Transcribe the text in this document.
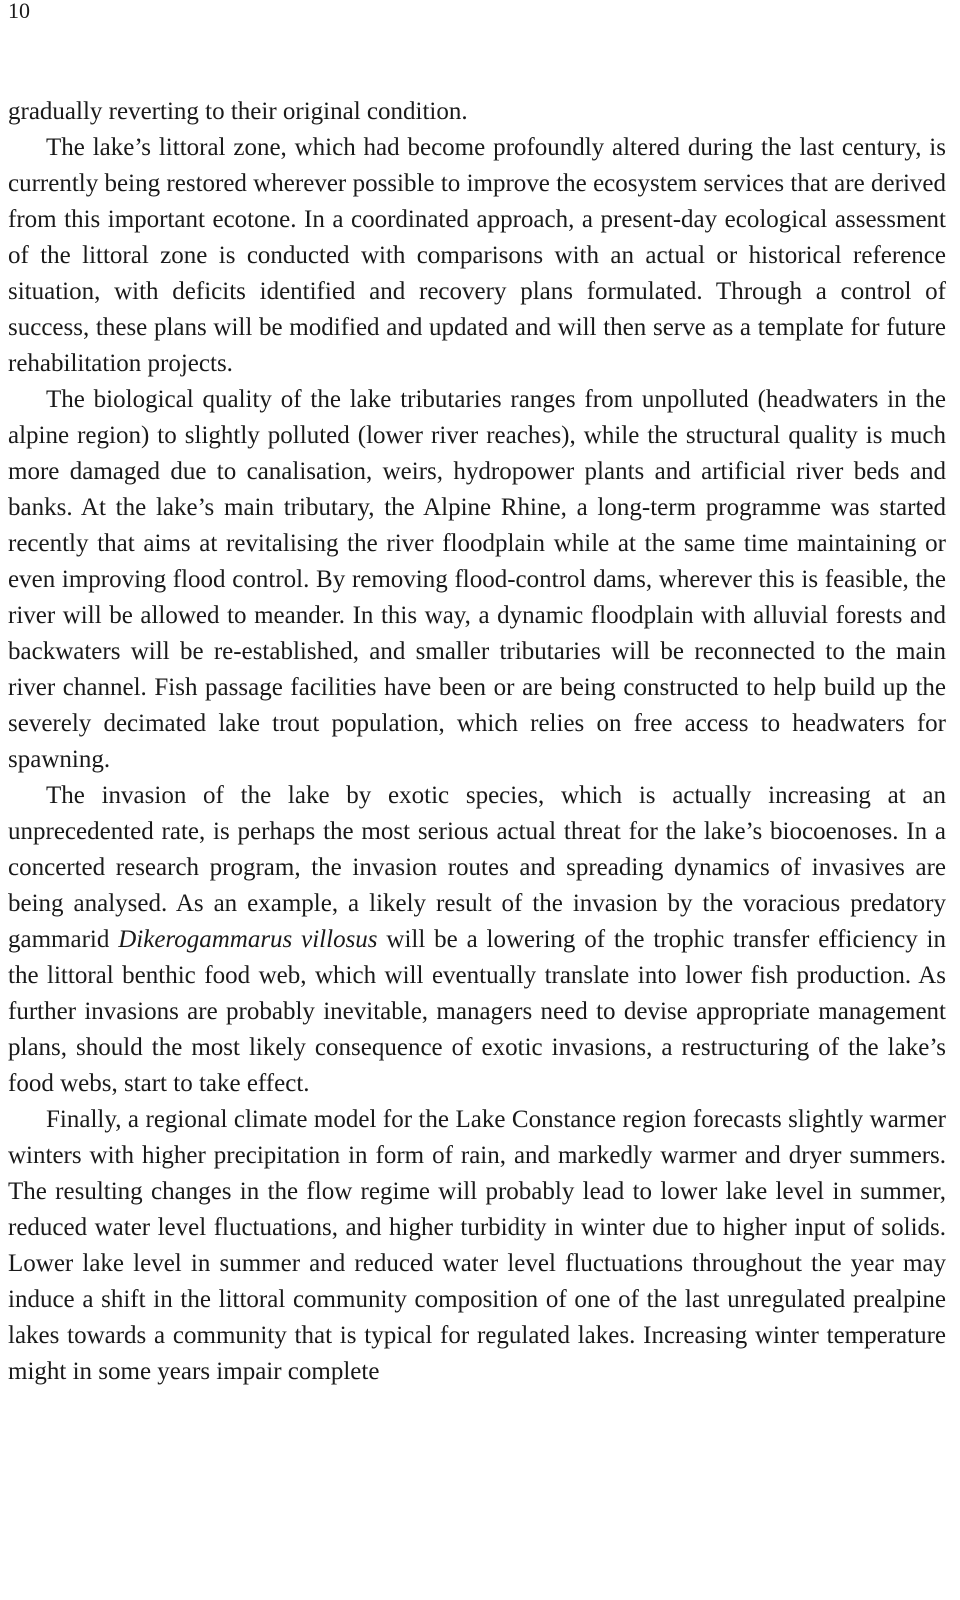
10

gradually reverting to their original condition.

The lake’s littoral zone, which had become profoundly altered during the last century, is currently being restored wherever possible to improve the ecosystem services that are derived from this important ecotone. In a coordinated approach, a present-day ecological assessment of the littoral zone is conducted with comparisons with an actual or historical reference situation, with deficits identified and recovery plans formulated. Through a control of success, these plans will be modified and updated and will then serve as a template for future rehabilitation projects.

The biological quality of the lake tributaries ranges from unpolluted (headwaters in the alpine region) to slightly polluted (lower river reaches), while the structural quality is much more damaged due to canalisation, weirs, hydropower plants and artificial river beds and banks. At the lake’s main tributary, the Alpine Rhine, a long-term programme was started recently that aims at revitalising the river floodplain while at the same time maintaining or even improving flood control. By removing flood-control dams, wherever this is feasible, the river will be allowed to meander. In this way, a dynamic floodplain with alluvial forests and backwaters will be re-established, and smaller tributaries will be reconnected to the main river channel. Fish passage facilities have been or are being constructed to help build up the severely decimated lake trout population, which relies on free access to headwaters for spawning.

The invasion of the lake by exotic species, which is actually increasing at an unprecedented rate, is perhaps the most serious actual threat for the lake’s biocoenoses. In a concerted research program, the invasion routes and spreading dynamics of invasives are being analysed. As an example, a likely result of the invasion by the voracious predatory gammarid Dikerogammarus villosus will be a lowering of the trophic transfer efficiency in the littoral benthic food web, which will eventually translate into lower fish production. As further invasions are probably inevitable, managers need to devise appropriate management plans, should the most likely consequence of exotic invasions, a restructuring of the lake’s food webs, start to take effect.

Finally, a regional climate model for the Lake Constance region forecasts slightly warmer winters with higher precipitation in form of rain, and markedly warmer and dryer summers. The resulting changes in the flow regime will probably lead to lower lake level in summer, reduced water level fluctuations, and higher turbidity in winter due to higher input of solids. Lower lake level in summer and reduced water level fluctuations throughout the year may induce a shift in the littoral community composition of one of the last unregulated prealpine lakes towards a community that is typical for regulated lakes. Increasing winter temperature might in some years impair complete
